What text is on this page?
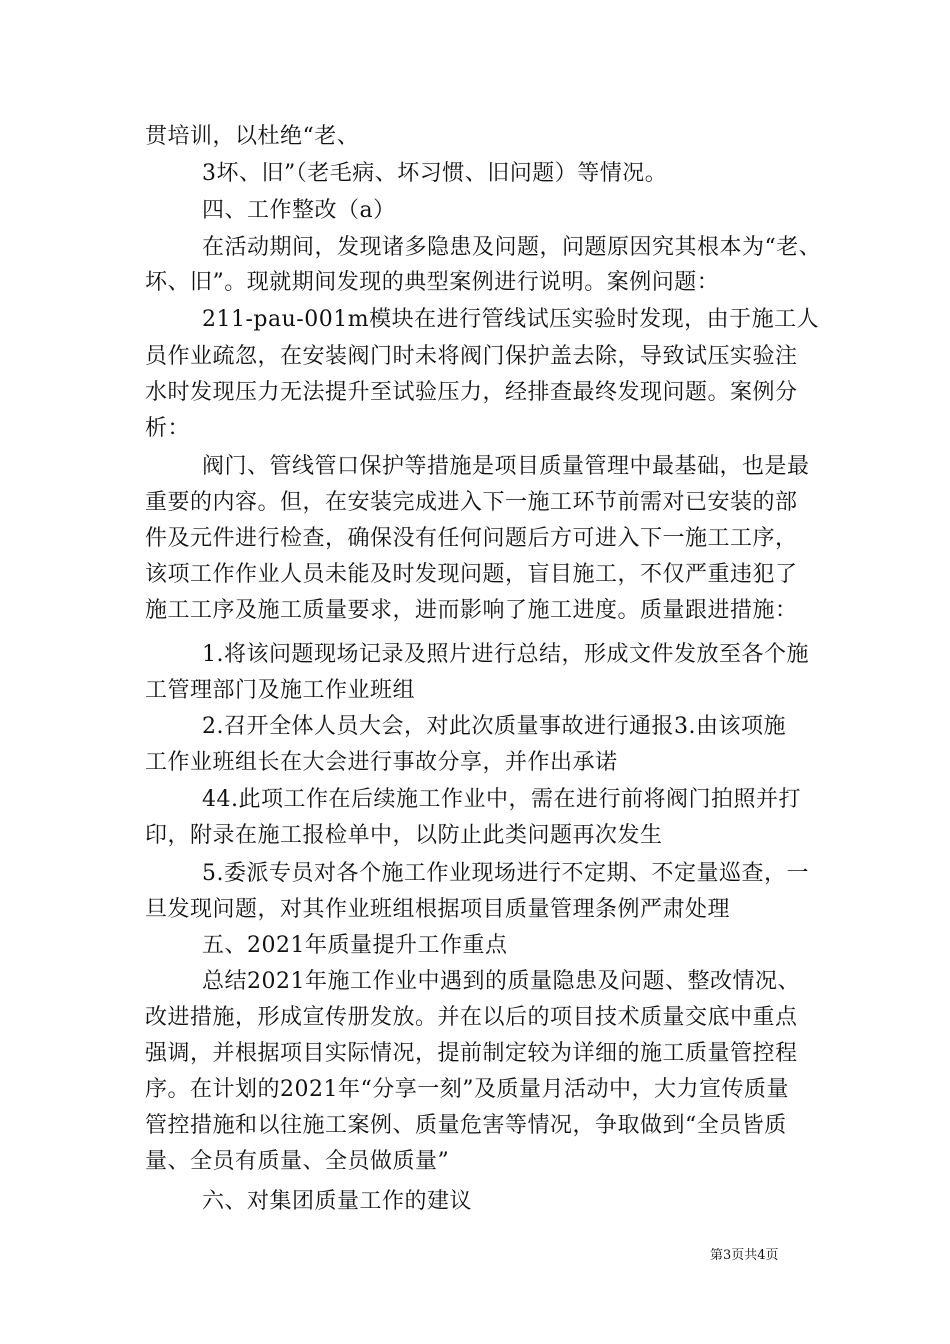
贯培训，以杜绝“老、
3坏、旧”（老毛病、坏习惯、旧问题）等情况。
四、工作整改（a）
在活动期间，发现诸多隐患及问题，问题原因究其根本为“老、
坏、旧”。现就期间发现的典型案例进行说明。案例问题：
211-pau-001m模块在进行管线试压实验时发现，由于施工人
员作业疏忽，在安装阀门时未将阀门保护盖去除，导致试压实验注
水时发现压力无法提升至试验压力，经排查最终发现问题。案例分
析：
阀门、管线管口保护等措施是项目质量管理中最基础，也是最
重要的内容。但，在安装完成进入下一施工环节前需对已安装的部
件及元件进行检查，确保没有任何问题后方可进入下一施工工序，
该项工作作业人员未能及时发现问题，盲目施工，不仅严重违犯了
施工工序及施工质量要求，进而影响了施工进度。质量跟进措施：
1.将该问题现场记录及照片进行总结，形成文件发放至各个施
工管理部门及施工作业班组
2.召开全体人员大会，对此次质量事故进行通报3.由该项施
工作业班组长在大会进行事故分享，并作出承诺
44.此项工作在后续施工作业中，需在进行前将阀门拍照并打
印，附录在施工报检单中，以防止此类问题再次发生
5.委派专员对各个施工作业现场进行不定期、不定量巡查，一
旦发现问题，对其作业班组根据项目质量管理条例严肃处理
五、2021年质量提升工作重点
总结2021年施工作业中遇到的质量隐患及问题、整改情况、
改进措施，形成宣传册发放。并在以后的项目技术质量交底中重点
强调，并根据项目实际情况，提前制定较为详细的施工质量管控程
序。在计划的2021年“分享一刻”及质量月活动中，大力宣传质量
管控措施和以往施工案例、质量危害等情况，争取做到“全员皆质
量、全员有质量、全员做质量”
六、对集团质量工作的建议
第3页共4页
